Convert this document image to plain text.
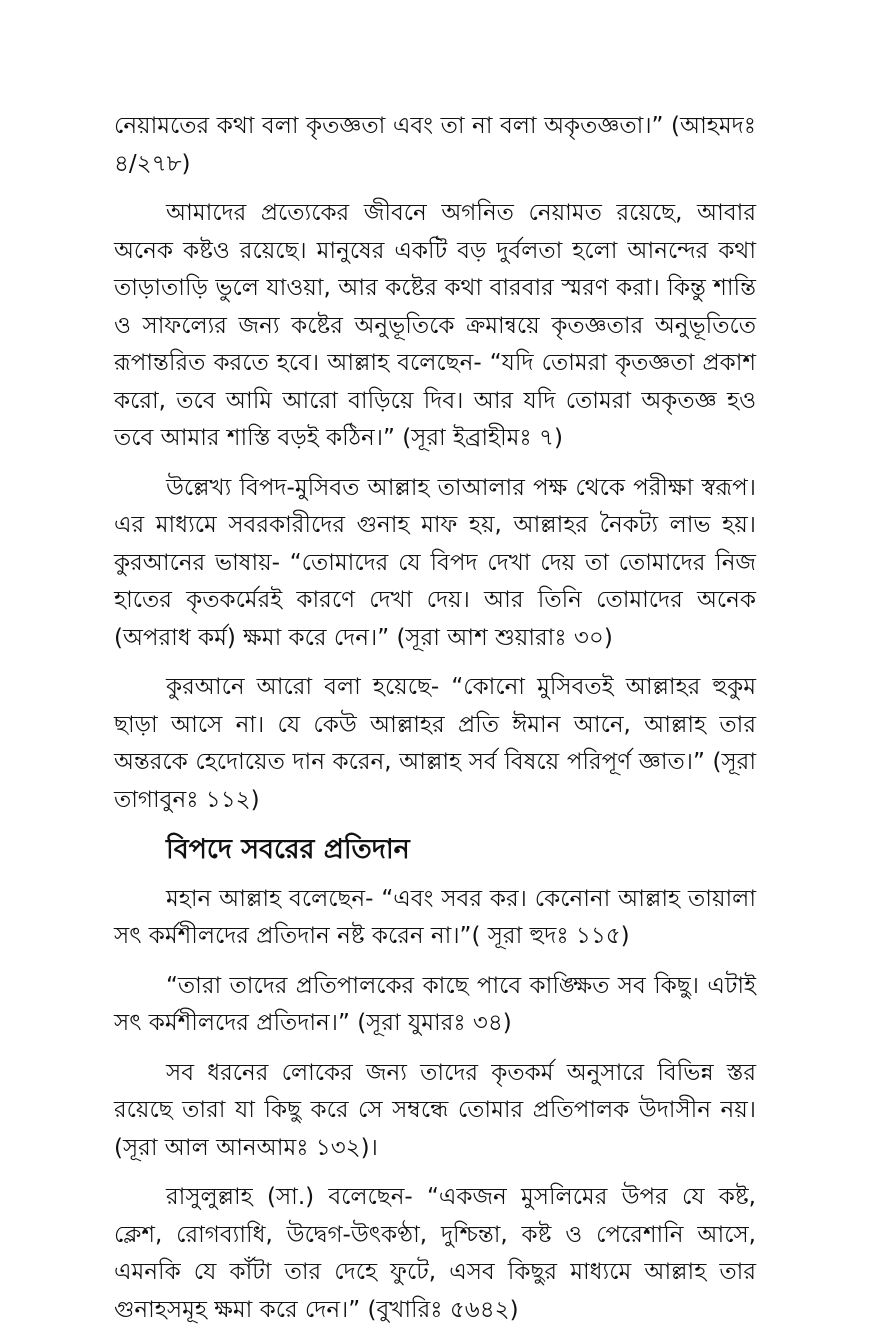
নেয়ামতের কথা বলা কৃতজ্ঞতা এবং তা না বলা অকৃতজ্ঞতা।” (আহমদঃ ৪/২৭৮)

আমাদের প্রত্যেকের জীবনে অগনিত নেয়ামত রয়েছে, আবার অনেক কষ্টও রয়েছে। মানুষের একটি বড় দুর্বলতা হলো আনন্দের কথা তাড়াতাড়ি ভুলে যাওয়া, আর কষ্টের কথা বারবার স্মরণ করা। কিন্তু শান্তি ও সাফল্যের জন্য কষ্টের অনুভূতিকে ক্রমান্বয়ে কৃতজ্ঞতার অনুভূতিতে রূপান্তরিত করতে হবে। আল্লাহ বলেছেন- “যদি তোমরা কৃতজ্ঞতা প্রকাশ করো, তবে আমি আরো বাড়িয়ে দিব। আর যদি তোমরা অকৃতজ্ঞ হও তবে আমার শাস্তি বড়ই কঠিন।” (সূরা ইব্রাহীমঃ ৭)

উল্লেখ্য বিপদ-মুসিবত আল্লাহ তাআলার পক্ষ থেকে পরীক্ষা স্বরূপ। এর মাধ্যমে সবরকারীদের গুনাহ মাফ হয়, আল্লাহর নৈকট্য লাভ হয়। কুরআনের ভাষায়- “তোমাদের যে বিপদ দেখা দেয় তা তোমাদের নিজ হাতের কৃতকর্মেরই কারণে দেখা দেয়। আর তিনি তোমাদের অনেক (অপরাধ কর্ম) ক্ষমা করে দেন।” (সূরা আশ শুয়ারাঃ ৩০)

কুরআনে আরো বলা হয়েছে- “কোনো মুসিবতই আল্লাহর হুকুম ছাড়া আসে না। যে কেউ আল্লাহর প্রতি ঈমান আনে, আল্লাহ তার অন্তরকে হেদোয়েত দান করেন, আল্লাহ সর্ব বিষয়ে পরিপূর্ণ জ্ঞাত।” (সূরা তাগাবুনঃ ১১২)

বিপদে সবরের প্রতিদান

মহান আল্লাহ বলেছেন- “এবং সবর কর। কেনোনা আল্লাহ তায়ালা সৎ কর্মশীলদের প্রতিদান নষ্ট করেন না।”( সূরা হুদঃ ১১৫)

“তারা তাদের প্রতিপালকের কাছে পাবে কাঙ্ক্ষিত সব কিছু। এটাই সৎ কর্মশীলদের প্রতিদান।” (সূরা যুমারঃ ৩৪)

সব ধরনের লোকের জন্য তাদের কৃতকর্ম অনুসারে বিভিন্ন স্তর রয়েছে তারা যা কিছু করে সে সম্বন্ধে তোমার প্রতিপালক উদাসীন নয়। (সূরা আল আনআমঃ ১৩২)।

রাসুলুল্লাহ (সা.) বলেছেন- “একজন মুসলিমের উপর যে কষ্ট, ক্লেশ, রোগব্যাধি, উদ্বেগ-উৎকণ্ঠা, দুশ্চিন্তা, কষ্ট ও পেরেশানি আসে, এমনকি যে কাঁটা তার দেহে ফুটে, এসব কিছুর মাধ্যমে আল্লাহ তার গুনাহসমূহ ক্ষমা করে দেন।” (বুখারিঃ ৫৬৪২)
